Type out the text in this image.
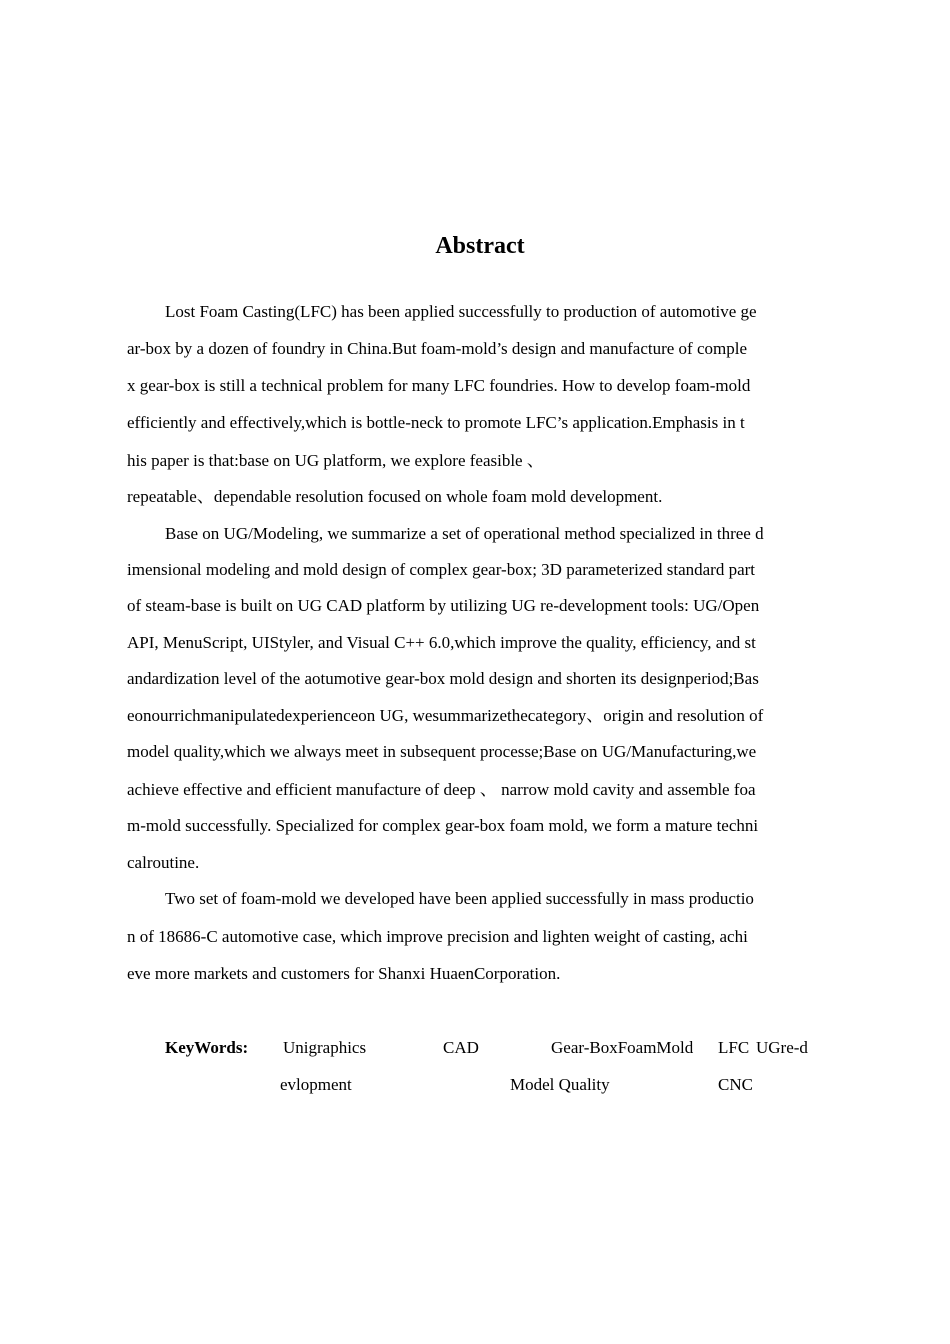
Abstract
Lost Foam Casting(LFC) has been applied successfully to production of automotive ge
ar-box by a dozen of foundry in China.But foam-mold’s design and manufacture of comple
x gear-box is still a technical problem for many LFC foundries. How to develop foam-mold
efficiently and effectively,which is bottle-neck to promote LFC’s application.Emphasis in t
his paper is that:base on UG platform, we explore feasible 、
repeatable、dependable resolution focused on whole foam mold development.
Base on UG/Modeling, we summarize a set of operational method specialized in three d
imensional modeling and mold design of complex gear-box; 3D parameterized standard part
of steam-base is built on UG CAD platform by utilizing UG re-development tools: UG/Open
API, MenuScript, UIStyler, and Visual C++ 6.0,which improve the quality, efficiency, and st
andardization level of the aotumotive gear-box mold design and shorten its designperiod;Bas
eonourrichmanipulatedexperienceon UG, wesummarizethecategory、origin and resolution of
model quality,which we always meet in subsequent processe;Base on UG/Manufacturing,we
achieve effective and efficient manufacture of deep 、 narrow mold cavity and assemble foa
m-mold successfully. Specialized for complex gear-box foam mold, we form a mature techni
calroutine.
Two set of foam-mold we developed have been applied successfully in mass productio
n of 18686-C automotive case, which improve precision and lighten weight of casting, achi
eve more markets and customers for Shanxi HuaenCorporation.
KeyWords: Unigraphics	CAD	Gear-BoxFoamMold LFC UGre-d
evlopment	Model Quality	CNC
